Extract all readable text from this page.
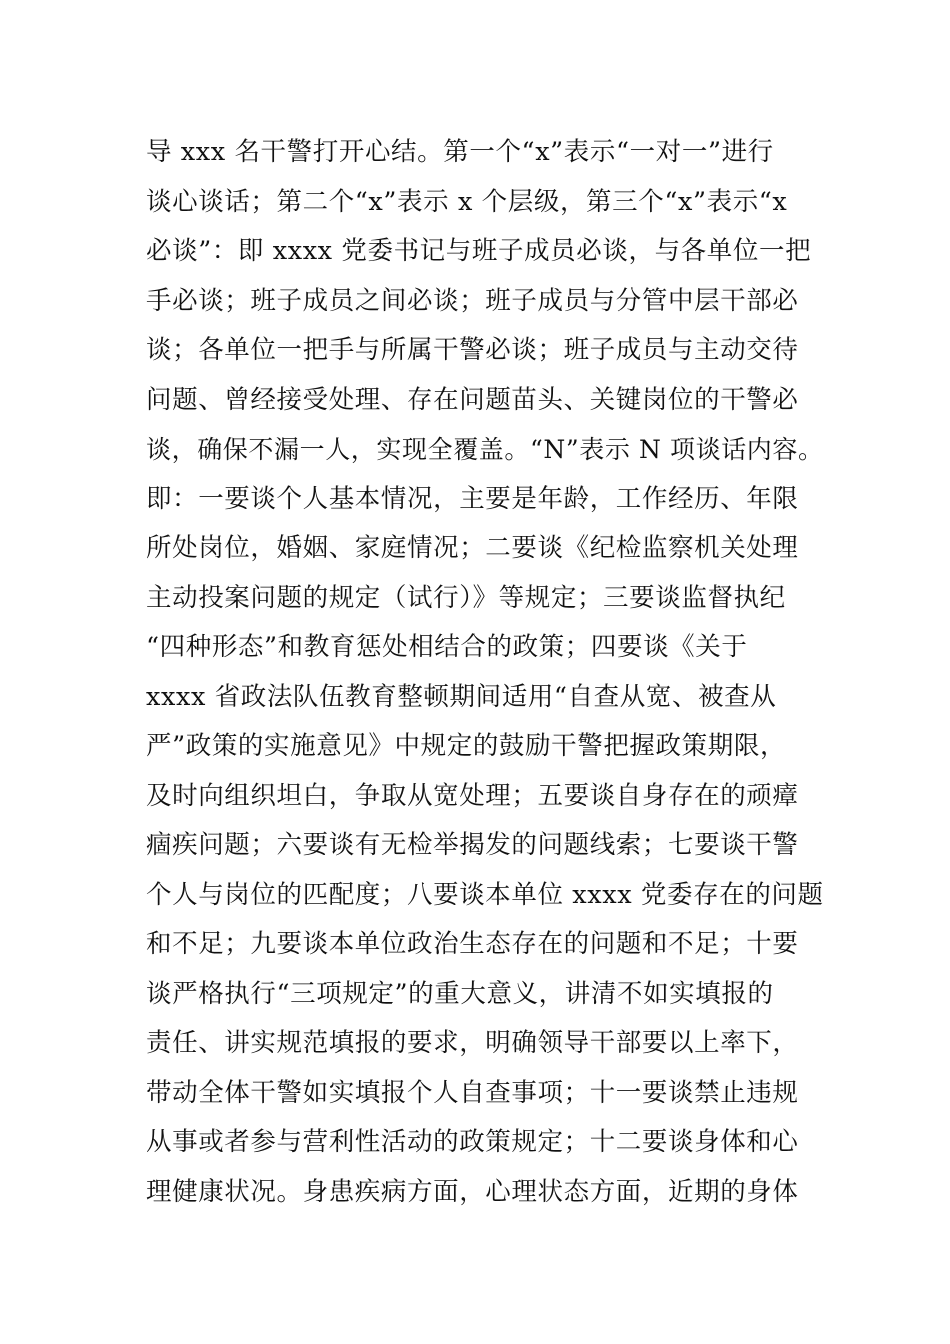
导 xxx 名干警打开心结。第一个“x”表示“一对一”进行
谈心谈话；第二个“x”表示 x 个层级，第三个“x”表示“x
必谈”：即 xxxx 党委书记与班子成员必谈，与各单位一把
手必谈；班子成员之间必谈；班子成员与分管中层干部必
谈；各单位一把手与所属干警必谈；班子成员与主动交待
问题、曾经接受处理、存在问题苗头、关键岗位的干警必
谈，确保不漏一人，实现全覆盖。“N”表示 N 项谈话内容。
即：一要谈个人基本情况，主要是年龄，工作经历、年限
所处岗位，婚姻、家庭情况；二要谈《纪检监察机关处理
主动投案问题的规定（试行）》等规定；三要谈监督执纪
“四种形态”和教育惩处相结合的政策；四要谈《关于
xxxx 省政法队伍教育整顿期间适用“自查从宽、被查从
严”政策的实施意见》中规定的鼓励干警把握政策期限，
及时向组织坦白，争取从宽处理；五要谈自身存在的顽瘴
痼疾问题；六要谈有无检举揭发的问题线索；七要谈干警
个人与岗位的匹配度；八要谈本单位 xxxx 党委存在的问题
和不足；九要谈本单位政治生态存在的问题和不足；十要
谈严格执行“三项规定”的重大意义，讲清不如实填报的
责任、讲实规范填报的要求，明确领导干部要以上率下，
带动全体干警如实填报个人自查事项；十一要谈禁止违规
从事或者参与营利性活动的政策规定；十二要谈身体和心
理健康状况。身患疾病方面，心理状态方面，近期的身体
